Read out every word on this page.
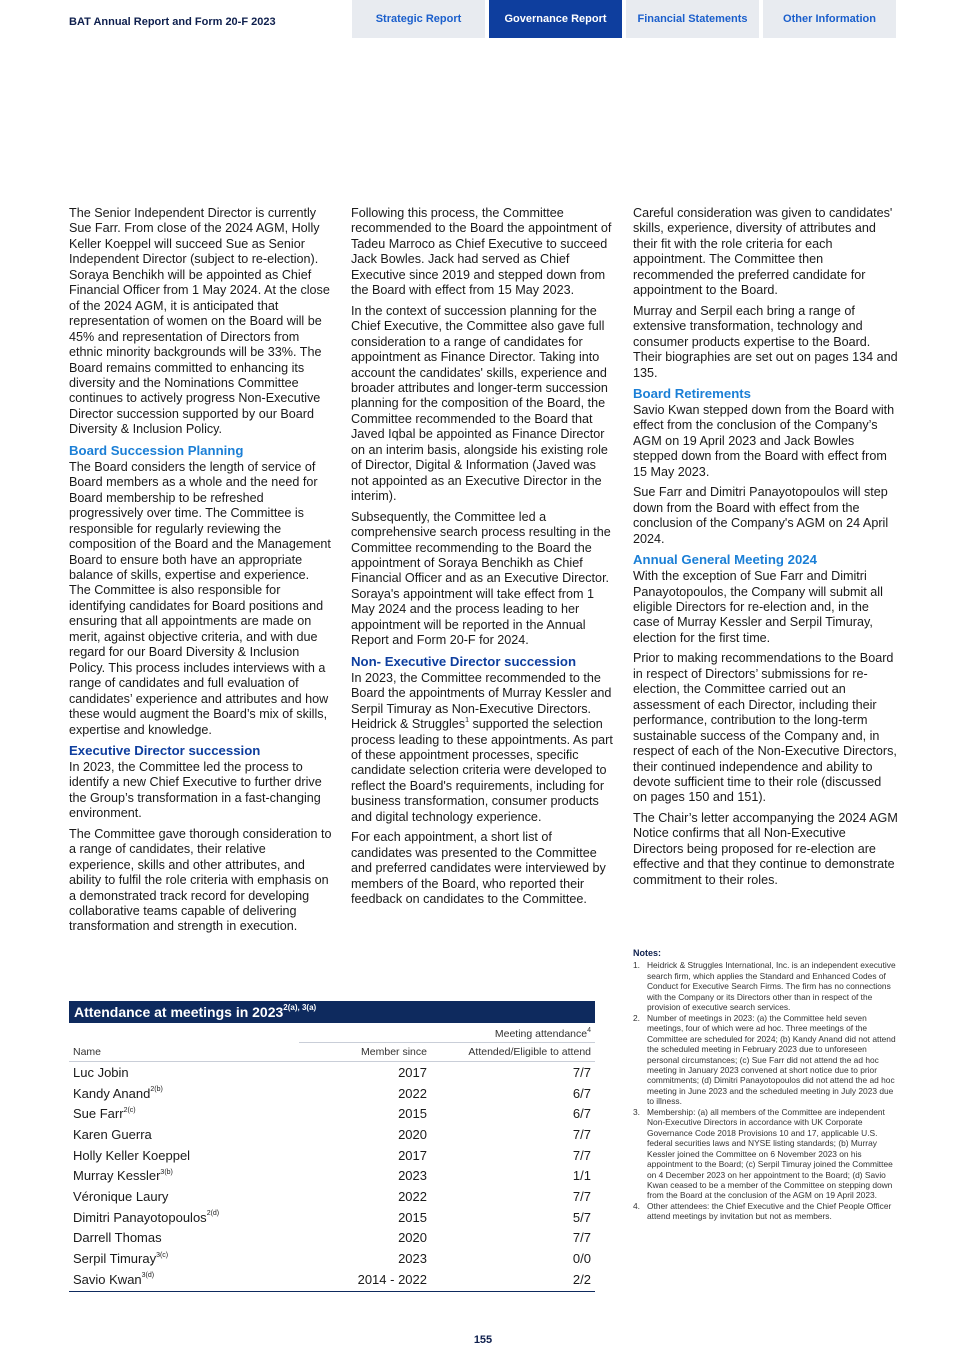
BAT Annual Report and Form 20-F 2023	Strategic Report	Governance Report	Financial Statements	Other Information

The Senior Independent Director is currently Sue Farr. From close of the 2024 AGM, Holly Keller Koeppel will succeed Sue as Senior Independent Director (subject to re-election). Soraya Benchikh will be appointed as Chief Financial Officer from 1 May 2024. At the close of the 2024 AGM, it is anticipated that representation of women on the Board will be 45% and representation of Directors from ethnic minority backgrounds will be 33%. The Board remains committed to enhancing its diversity and the Nominations Committee continues to actively progress Non-Executive Director succession supported by our Board Diversity & Inclusion Policy.

Board Succession Planning

The Board considers the length of service of Board members as a whole and the need for Board membership to be refreshed progressively over time. The Committee is responsible for regularly reviewing the composition of the Board and the Management Board to ensure both have an appropriate balance of skills, expertise and experience. The Committee is also responsible for identifying candidates for Board positions and ensuring that all appointments are made on merit, against objective criteria, and with due regard for our Board Diversity & Inclusion Policy. This process includes interviews with a range of candidates and full evaluation of candidates’ experience and attributes and how these would augment the Board’s mix of skills, expertise and knowledge.

Executive Director succession

In 2023, the Committee led the process to identify a new Chief Executive to further drive the Group’s transformation in a fast-changing environment.

The Committee gave thorough consideration to a range of candidates, their relative experience, skills and other attributes, and ability to fulfil the role criteria with emphasis on a demonstrated track record for developing collaborative teams capable of delivering transformation and strength in execution.

Following this process, the Committee recommended to the Board the appointment of Tadeu Marroco as Chief Executive to succeed Jack Bowles. Jack had served as Chief Executive since 2019 and stepped down from the Board with effect from 15 May 2023.

In the context of succession planning for the Chief Executive, the Committee also gave full consideration to a range of candidates for appointment as Finance Director. Taking into account the candidates' skills, experience and broader attributes and longer-term succession planning for the composition of the Board, the Committee recommended to the Board that Javed Iqbal be appointed as Finance Director on an interim basis, alongside his existing role of Director, Digital & Information (Javed was not appointed as an Executive Director in the interim).

Subsequently, the Committee led a comprehensive search process resulting in the Committee recommending to the Board the appointment of Soraya Benchikh as Chief Financial Officer and as an Executive Director. Soraya's appointment will take effect from 1 May 2024 and the process leading to her appointment will be reported in the Annual Report and Form 20-F for 2024.

Non- Executive Director succession

In 2023, the Committee recommended to the Board the appointments of Murray Kessler and Serpil Timuray as Non-Executive Directors. Heidrick & Struggles$^1$ supported the selection process leading to these appointments. As part of these appointment processes, specific candidate selection criteria were developed to reflect the Board's requirements, including for business transformation, consumer products and digital technology experience.

For each appointment, a short list of candidates was presented to the Committee and preferred candidates were interviewed by members of the Board, who reported their feedback on candidates to the Committee.

Careful consideration was given to candidates' skills, experience, diversity of attributes and their fit with the role criteria for each appointment. The Committee then recommended the preferred candidate for appointment to the Board.

Murray and Serpil each bring a range of extensive transformation, technology and consumer products expertise to the Board. Their biographies are set out on pages 134 and 135.

Board Retirements

Savio Kwan stepped down from the Board with effect from the conclusion of the Company’s AGM on 19 April 2023 and Jack Bowles stepped down from the Board with effect from 15 May 2023.

Sue Farr and Dimitri Panayotopoulos will step down from the Board with effect from the conclusion of the Company's AGM on 24 April 2024.

Annual General Meeting 2024

With the exception of Sue Farr and Dimitri Panayotopoulos, the Company will submit all eligible Directors for re-election and, in the case of Murray Kessler and Serpil Timuray, election for the first time.

Prior to making recommendations to the Board in respect of Directors’ submissions for re-election, the Committee carried out an assessment of each Director, including their performance, contribution to the long-term sustainable success of the Company and, in respect of each of the Non-Executive Directors, their continued independence and ability to devote sufficient time to their role (discussed on pages 150 and 151).

The Chair’s letter accompanying the 2024 AGM Notice confirms that all Non-Executive Directors being proposed for re-election are effective and that they continue to demonstrate commitment to their roles.

Attendance at meetings in $2023^{2(a), 3(a)}$
Meeting attendance$^4$
Name	Member since	Attended/Eligible to attend
Luc Jobin	2017	7/7
Kandy Anand$^{2(b)}$	2022	6/7
Sue Farr$^{2(c)}$	2015	6/7
Karen Guerra	2020	7/7
Holly Keller Koeppel	2017	7/7
Murray Kessler$^{3(b)}$	2023	1/1
Véronique Laury	2022	7/7
Dimitri Panayotopoulos$^{2(d)}$	2015	5/7
Darrell Thomas	2020	7/7
Serpil Timuray$^{3(c)}$	2023	0/0
Savio Kwan$^{3(d)}$	2014 - 2022	2/2
Notes:
1. Heidrick & Struggles International, Inc. is an independent executive search firm, which applies the Standard and Enhanced Codes of Conduct for Executive Search Firms. The firm has no connections with the Company or its Directors other than in respect of the provision of executive search services.
2. Number of meetings in 2023: (a) the Committee held seven meetings, four of which were ad hoc. Three meetings of the Committee are scheduled for 2024; (b) Kandy Anand did not attend the scheduled meeting in February 2023 due to unforeseen personal circumstances; (c) Sue Farr did not attend the ad hoc meeting in January 2023 convened at short notice due to prior commitments; (d) Dimitri Panayotopoulos did not attend the ad hoc meeting in June 2023 and the scheduled meeting in July 2023 due to illness.
3. Membership: (a) all members of the Committee are independent Non-Executive Directors in accordance with UK Corporate Governance Code 2018 Provisions 10 and 17, applicable U.S. federal securities laws and NYSE listing standards; (b) Murray Kessler joined the Committee on 6 November 2023 on his appointment to the Board; (c) Serpil Timuray joined the Committee on 4 December 2023 on her appointment to the Board; (d) Savio Kwan ceased to be a member of the Committee on stepping down from the Board at the conclusion of the AGM on 19 April 2023.
4. Other attendees: the Chief Executive and the Chief People Officer attend meetings by invitation but not as members.
155
